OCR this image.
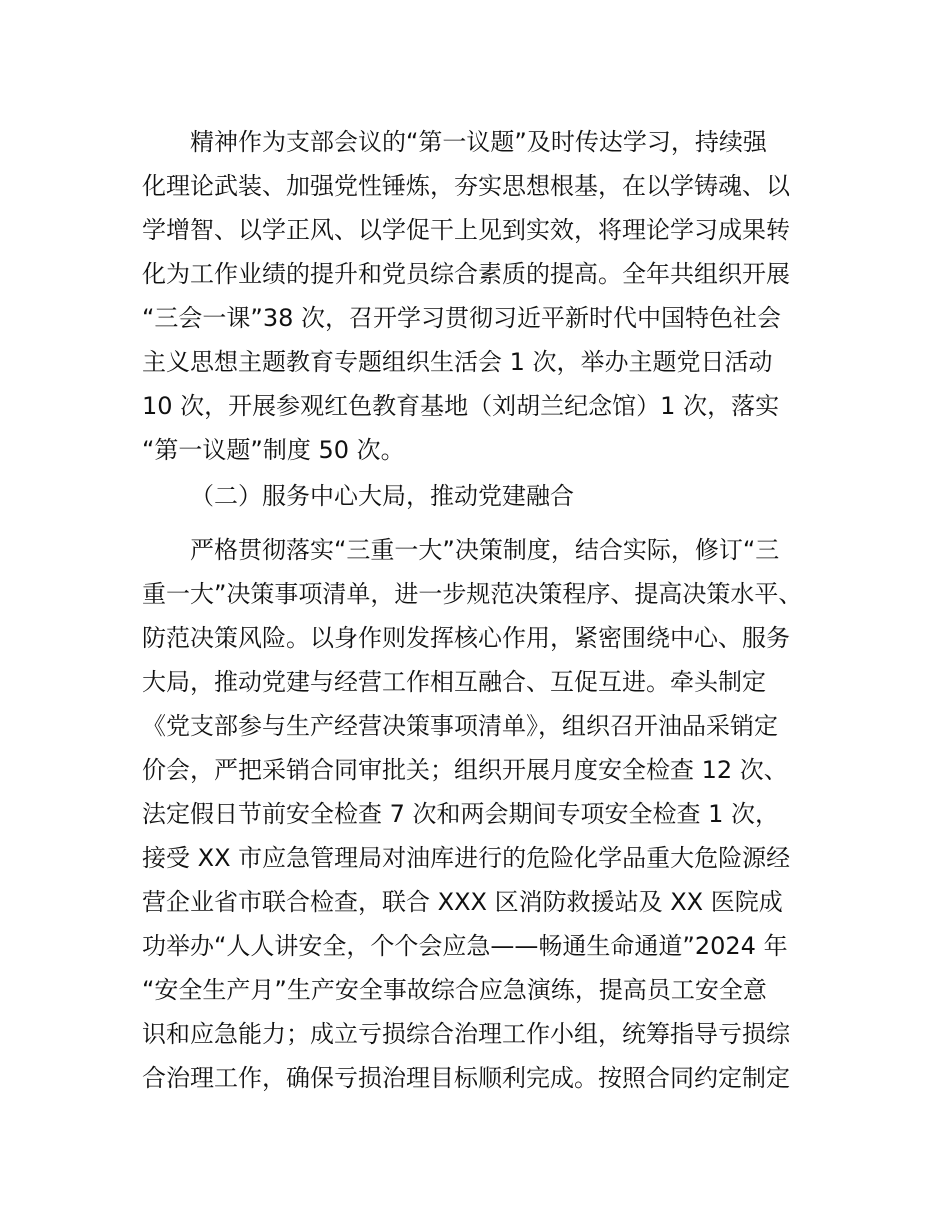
精神作为支部会议的“第一议题”及时传达学习，持续强
化理论武装、加强党性锤炼，夯实思想根基，在以学铸魂、以
学增智、以学正风、以学促干上见到实效，将理论学习成果转
化为工作业绩的提升和党员综合素质的提高。全年共组织开展
“三会一课”38 次，召开学习贯彻习近平新时代中国特色社会
主义思想主题教育专题组织生活会 1 次，举办主题党日活动
10 次，开展参观红色教育基地（刘胡兰纪念馆）1 次，落实
“第一议题”制度 50 次。
（二）服务中心大局，推动党建融合
严格贯彻落实“三重一大”决策制度，结合实际，修订“三
重一大”决策事项清单，进一步规范决策程序、提高决策水平、
防范决策风险。以身作则发挥核心作用，紧密围绕中心、服务
大局，推动党建与经营工作相互融合、互促互进。牵头制定
《党支部参与生产经营决策事项清单》，组织召开油品采销定
价会，严把采销合同审批关；组织开展月度安全检查 12 次、
法定假日节前安全检查 7 次和两会期间专项安全检查 1 次，
接受 XX 市应急管理局对油库进行的危险化学品重大危险源经
营企业省市联合检查，联合 XXX 区消防救援站及 XX 医院成
功举办“人人讲安全，个个会应急——畅通生命通道”2024 年
“安全生产月”生产安全事故综合应急演练，提高员工安全意
识和应急能力；成立亏损综合治理工作小组，统筹指导亏损综
合治理工作，确保亏损治理目标顺利完成。按照合同约定制定
